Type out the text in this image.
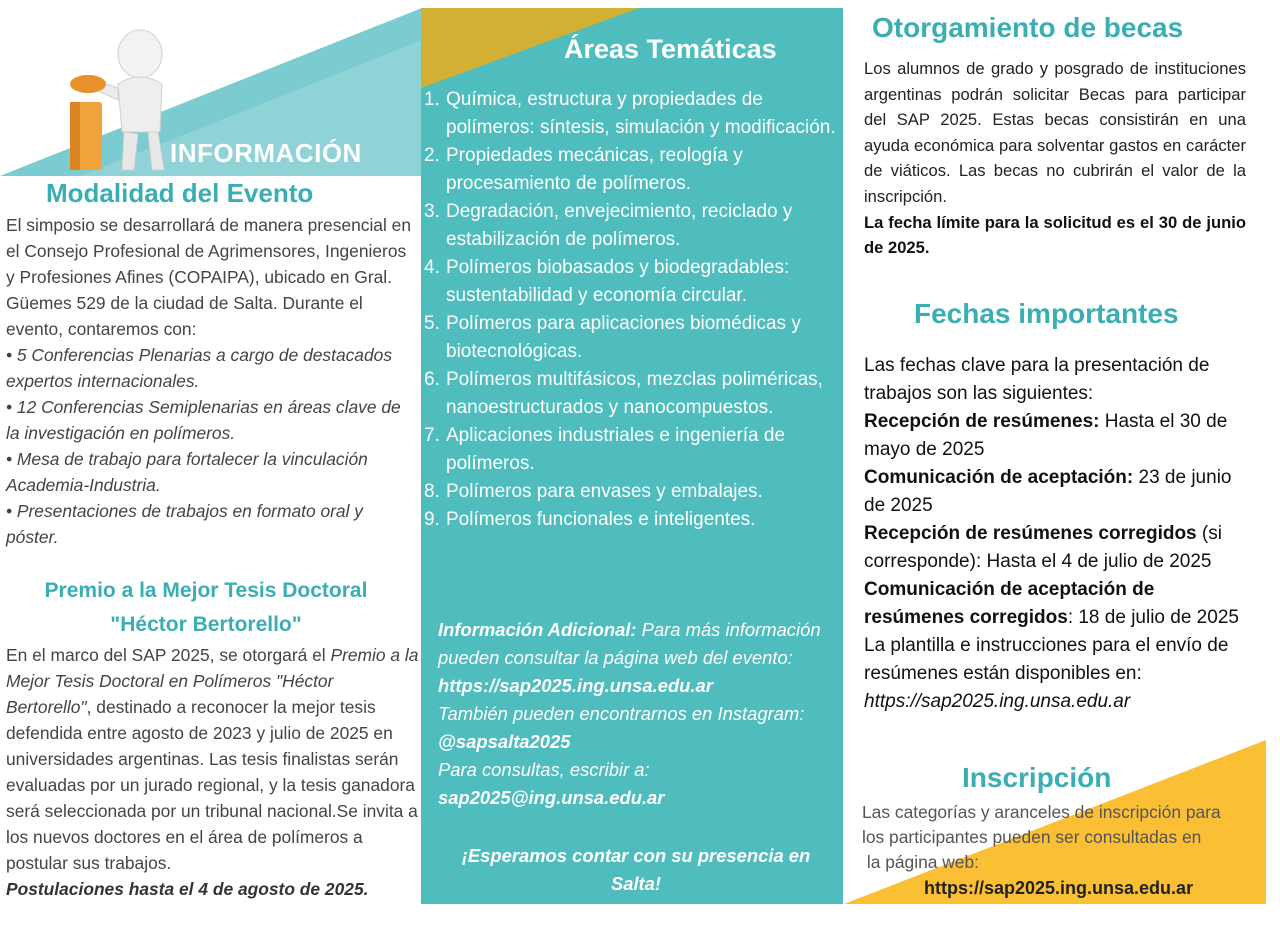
INFORMACIÓN
Modalidad del Evento

El simposio se desarrollará de manera presencial en el Consejo Profesional de Agrimensores, Ingenieros y Profesiones Afines (COPAIPA), ubicado en Gral. Güemes 529 de la ciudad de Salta. Durante el evento, contaremos con:

• 5 Conferencias Plenarias a cargo de destacados expertos internacionales.
• 12 Conferencias Semiplenarias en áreas clave de la investigación en polímeros.
• Mesa de trabajo para fortalecer la vinculación Academia-Industria.
• Presentaciones de trabajos en formato oral y póster.
Premio a la Mejor Tesis Doctoral
"Héctor Bertorello"

En el marco del SAP 2025, se otorgará el Premio a la Mejor Tesis Doctoral en Polímeros "Héctor Bertorello", destinado a reconocer la mejor tesis defendida entre agosto de 2023 y julio de 2025 en universidades argentinas. Las tesis finalistas serán evaluadas por un jurado regional, y la tesis ganadora será seleccionada por un tribunal nacional.Se invita a los nuevos doctores en el área de polímeros a postular sus trabajos.

Postulaciones hasta el 4 de agosto de 2025.

Áreas Temáticas
1. Química, estructura y propiedades de polímeros: síntesis, simulación y modificación.
2. Propiedades mecánicas, reología y procesamiento de polímeros.
3. Degradación, envejecimiento, reciclado y estabilización de polímeros.
4. Polímeros biobasados y biodegradables: sustentabilidad y economía circular.
5. Polímeros para aplicaciones biomédicas y biotecnológicas.
6. Polímeros multifásicos, mezclas poliméricas, nanoestructurados y nanocompuestos.
7. Aplicaciones industriales e ingeniería de polímeros.
8. Polímeros para envases y embalajes.
9. Polímeros funcionales e inteligentes.

Información Adicional: Para más información pueden consultar la página web del evento:

https://sap2025.ing.unsa.edu.ar

También pueden encontrarnos en Instagram: @sapsalta2025

Para consultas, escribir a:

sap2025@ing.unsa.edu.ar

¡Esperamos contar con su presencia en Salta!
Otorgamiento de becas

Los alumnos de grado y posgrado de instituciones argentinas podrán solicitar Becas para participar del SAP 2025. Estas becas consistirán en una ayuda económica para solventar gastos en carácter de viáticos. Las becas no cubrirán el valor de la inscripción.

La fecha límite para la solicitud es el 30 de junio de 2025.

Fechas importantes

Las fechas clave para la presentación de trabajos son las siguientes:

Recepción de resúmenes: Hasta el 30 de mayo de 2025

Comunicación de aceptación: 23 de junio de 2025

Recepción de resúmenes corregidos (si corresponde): Hasta el 4 de julio de 2025

Comunicación de aceptación de resúmenes corregidos: 18 de julio de 2025

La plantilla e instrucciones para el envío de resúmenes están disponibles en:

https://sap2025.ing.unsa.edu.ar

Inscripción

Las categorías y aranceles de inscripción para

los participantes pueden ser consultadas en

la página web:

https://sap2025.ing.unsa.edu.ar
